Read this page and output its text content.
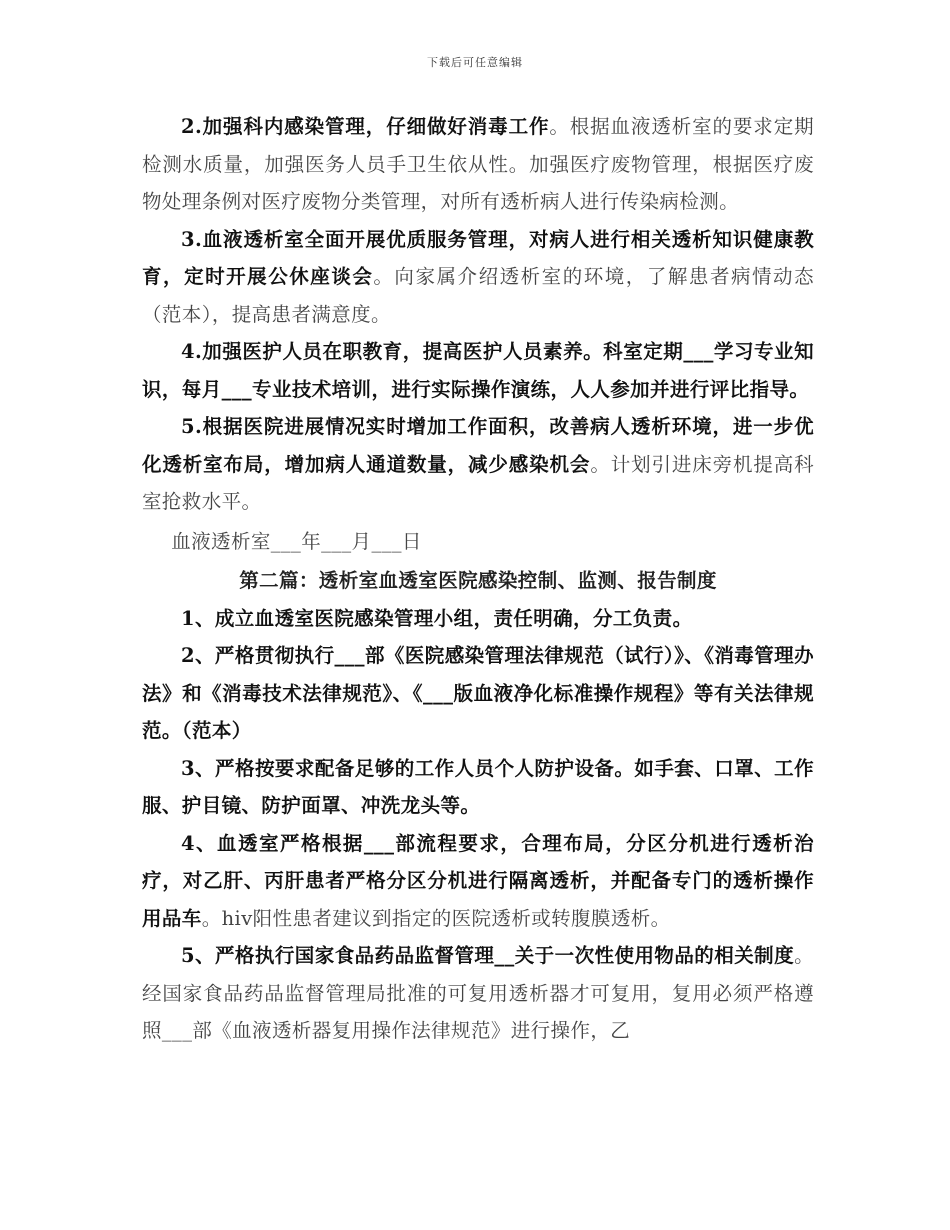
下载后可任意编辑

2.加强科内感染管理，仔细做好消毒工作。根据血液透析室的要求定期检测水质量，加强医务人员手卫生依从性。加强医疗废物管理，根据医疗废物处理条例对医疗废物分类管理，对所有透析病人进行传染病检测。

3.血液透析室全面开展优质服务管理，对病人进行相关透析知识健康教育，定时开展公休座谈会。向家属介绍透析室的环境，了解患者病情动态（范本），提高患者满意度。

4.加强医护人员在职教育，提高医护人员素养。科室定期___学习专业知识，每月___专业技术培训，进行实际操作演练，人人参加并进行评比指导。

5.根据医院进展情况实时增加工作面积，改善病人透析环境，进一步优化透析室布局，增加病人通道数量，减少感染机会。计划引进床旁机提高科室抢救水平。

血液透析室___年___月___日

第二篇：透析室血透室医院感染控制、监测、报告制度

1、成立血透室医院感染管理小组，责任明确，分工负责。

2、严格贯彻执行___部《医院感染管理法律规范（试行）》、《消毒管理办法》和《消毒技术法律规范》、《___版血液净化标准操作规程》等有关法律规范。（范本）

3、严格按要求配备足够的工作人员个人防护设备。如手套、口罩、工作服、护目镜、防护面罩、冲洗龙头等。

4、血透室严格根据___部流程要求，合理布局，分区分机进行透析治疗，对乙肝、丙肝患者严格分区分机进行隔离透析，并配备专门的透析操作用品车。hiv阳性患者建议到指定的医院透析或转腹膜透析。

5、严格执行国家食品药品监督管理__关于一次性使用物品的相关制度。经国家食品药品监督管理局批准的可复用透析器才可复用，复用必须严格遵照___部《血液透析器复用操作法律规范》进行操作，乙
